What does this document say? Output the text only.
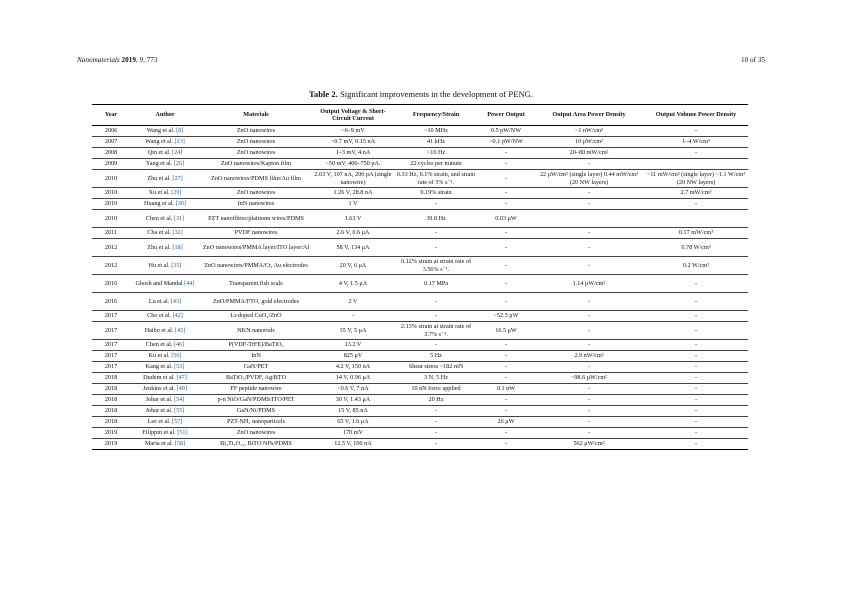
Nanomaterials 2019, 9, 773	10 of 35
Table 2. Significant improvements in the development of PENG.
Year	Author	Materials	Output Voltage & Short-Circuit Current	Frequency/Strain	Power Output	Output Area Power Density	Output Volume Power Density
2006	Wang et al. [8]	ZnO nanowires	~6–9 mV	~10 MHz	0.5 pW/NW	~1 nW/cm²	-
2007	Wang et al. [23]	ZnO nanowires	~0.7 mV, 0.15 nA	41 kHz	~0.1 pW/NW	10 μW/cm²	1–4 W/cm³
2008	Qin et al. [24]	ZnO nanowires	1–3 mV, 4 nA	<10 Hz	-	20–80 mW/cm²	-
2009	Yang et al. [26]	ZnO nanowires/Kapton film	~50 mV, 400–750 pA.	22 cycles per minute	-	-	
2010	Zhu et al. [27]	ZnO nanowires/PDMS film/Au film	2.03 V, 107 nA, 200 pA (single nanowire)	0.33 Hz, 0.1% strain, and strain rate of 5% s⁻¹.	-	22 μW/cm² (single layer) 0.44 mW/cm² (20 NW layers)	~11 mW/cm³ (single layer) ~1.1 W/cm³ (20 NW layers)
2010	Xu et al. [29]	ZnO nanowires	1.26 V, 28.8 nA	0.19% strain	-	-	2.7 mW/cm³
2010	Huang et al. [30]	InN nanowires	1 V	-	-	-	-
2010	Chen et al. [31]	PZT nanofibres/platinum wires/PDMS	1.63 V	39.8 Hz	0.03 μW		
2011	Cha et al. [32]	PVDF nanowires	2.6 V, 0.6 μA	-	-	-	0.17 mW/cm³
2012	Zhu et al. [18]	ZnO nanowires/PMMA layer/ITO layer/Al	58 V, 134 μA	-	-	-	0.78 W/cm³
2012	Hu et al. [35]	ZnO nanowires/PMMA/Cr, Au electrodes	20 V, 6 μA	0.12% strain at strain rate of 3.56% s⁻¹.	-	-	0.2 W/cm³
2016	Ghosh and Mandal [44]	Transparent fish scale	4 V, 1.5 μA	0.17 MPa	-	1.14 μW/cm²	-
2016	Lu et al. [43]	ZnO/PMMA/FTO, gold electrodes	2 V	-	-	-	-
2017	Cho et al. [42]	Li-doped CuO₂/ZnO	-	-	~52.5 μW	-	-
2017	Haibo et al. [45]	NKN nanorods	35 V, 5 μA	2.13% strain at strain rate of 3.7% s⁻¹.	16.5 μW	-	-
2017	Chen et al. [46]	P(VDF-TrFE)/BaTiO₃	13.2 V	-	-	-	-
2017	Ku et al. [56]	InN	825 μV	5 Hz	-	2.9 nW/cm²	-
2017	Kang et al. [53]	GaN/PET	4.2 V, 150 nA	Shear stress ~182 mN	-	-	-
2018	Dudem et al. [47]	BaTiO₃/PVDF, Ag/BTO	14 V, 0.96 μA	3 N, 5 Hz	-	~98.6 μW/cm²	-
2018	Jenkins et al. [49]	FF peptide nanowire	~0.6 V, 7 nA	10 nN force applied	0.1 nW	-	-
2018	Johar et al. [54]	p-n NiO/GaN/PDMS/ITO/PET	30 V, 1.43 μA	20 Hz	-	-	-
2018	Johar et al. [55]	GaN/Ni/PDMS	15 V, 85 nA	-	-	-	-
2018	Lee et al. [57]	PZT-NH₂ nanoparticels	65 V, 1.6 μA	-	26 μW	-	-
2019	Filippin et al. [51]	ZnO nanowires	170 mV	-	-	-	-
2019	Maria et al. [58]	Bi₄Ti₃O₁₂, BiTO NPs/PDMS	12.5 V, 100 nA	-	-	562 μW/cm²	-
